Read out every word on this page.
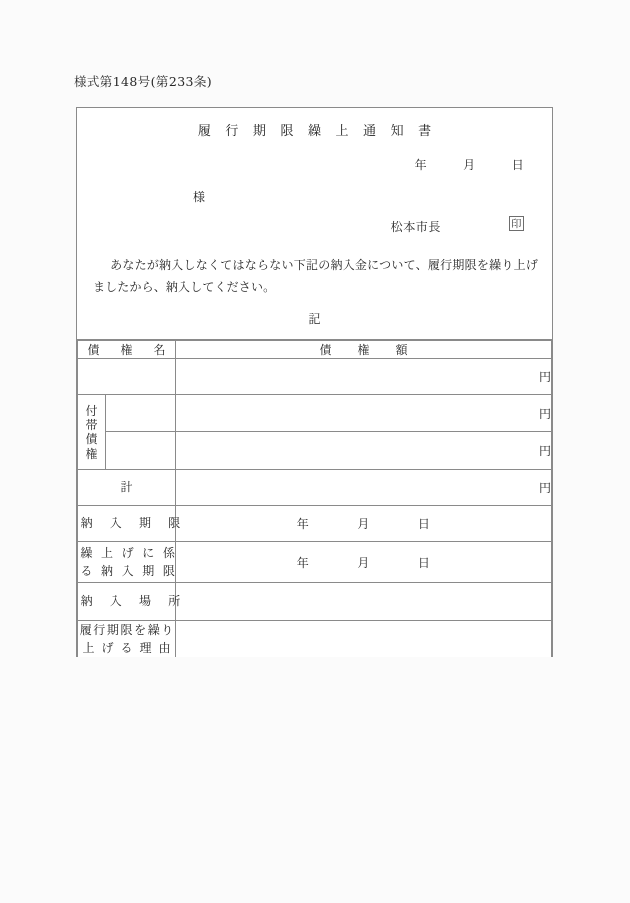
様式第148号(第233条)
履 行 期 限 繰 上 通 知 書
年	月	日
様
松本市長	印
あなたが納入しなくてはならない下記の納入金について、履行期限を繰り上げましたから、納入してください。
記
債　権　名		債　権　額
		円

付
帯
債
権		円
		円
計		円
納　入　期　限		年 月 日

繰 上 げ に 係
る 納 入 期 限		年 月 日
納　入　場　所		

履行期限を繰り
上 げ る 理 由		
